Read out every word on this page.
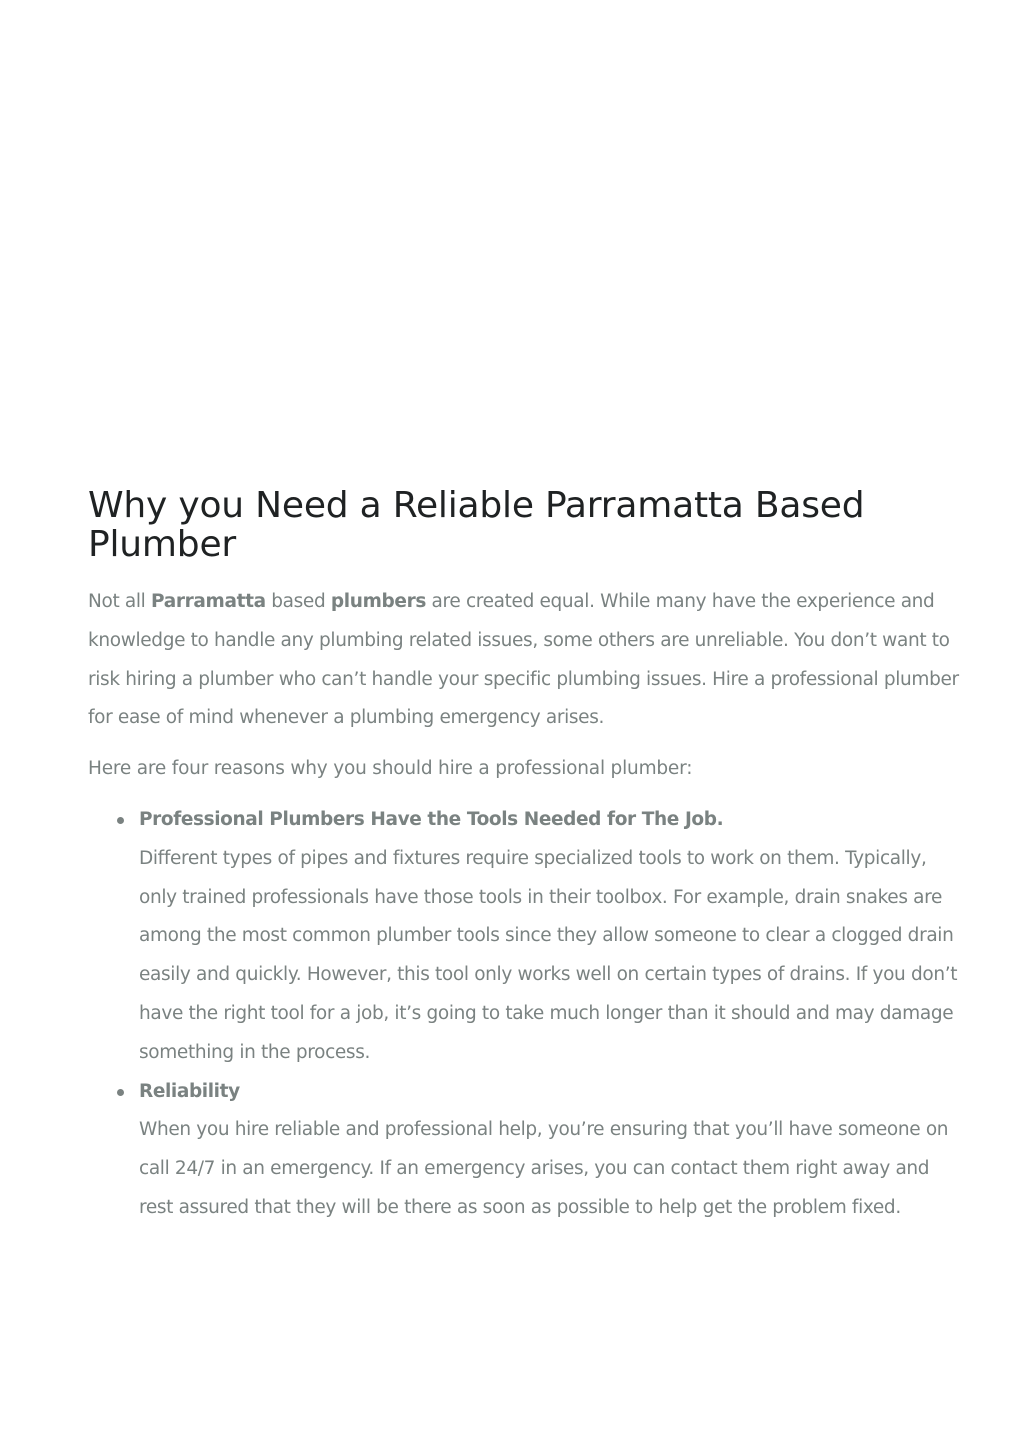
Why you Need a Reliable Parramatta Based Plumber

Not all Parramatta based plumbers are created equal. While many have the experience and knowledge to handle any plumbing related issues, some others are unreliable. You don’t want to risk hiring a plumber who can’t handle your specific plumbing issues. Hire a professional plumber for ease of mind whenever a plumbing emergency arises.

Here are four reasons why you should hire a professional plumber:

Professional Plumbers Have the Tools Needed for The Job.
Different types of pipes and fixtures require specialized tools to work on them. Typically, only trained professionals have those tools in their toolbox. For example, drain snakes are among the most common plumber tools since they allow someone to clear a clogged drain easily and quickly. However, this tool only works well on certain types of drains. If you don’t have the right tool for a job, it’s going to take much longer than it should and may damage something in the process.
Reliability
When you hire reliable and professional help, you’re ensuring that you’ll have someone on call 24/7 in an emergency. If an emergency arises, you can contact them right away and rest assured that they will be there as soon as possible to help get the problem fixed.
